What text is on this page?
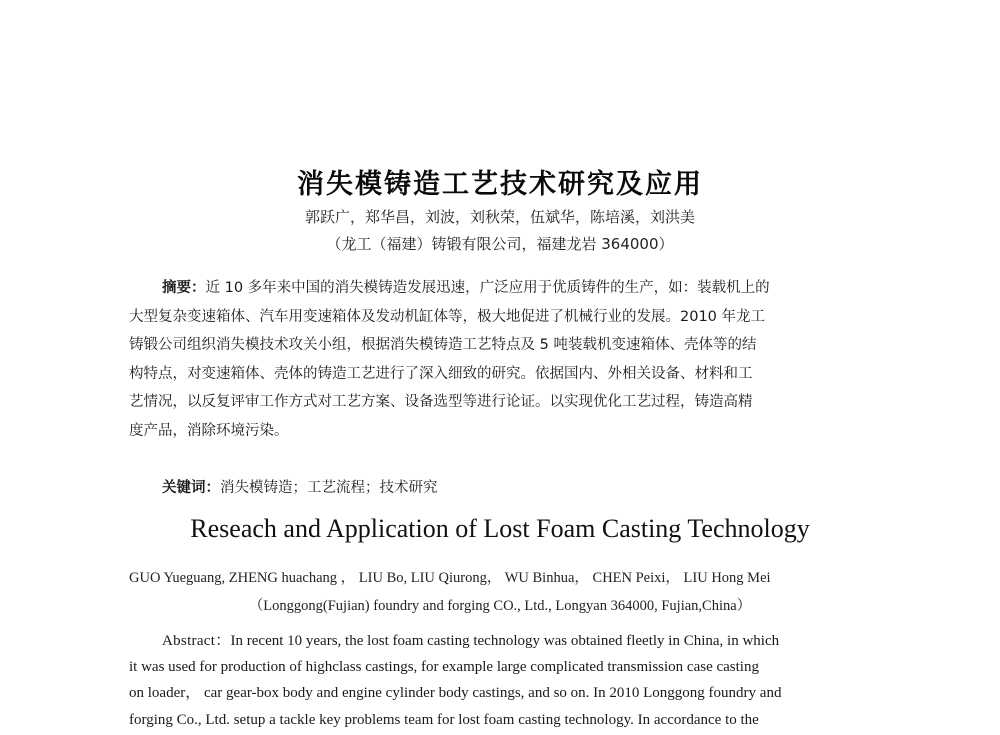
消失模铸造工艺技术研究及应用
郭跃广，郑华昌，刘波，刘秋荣，伍斌华，陈培溪，刘洪美
（龙工（福建）铸锻有限公司，福建龙岩 364000）
摘要：近 10 多年来中国的消失模铸造发展迅速，广泛应用于优质铸件的生产，如：装载机上的
大型复杂变速箱体、汽车用变速箱体及发动机缸体等，极大地促进了机械行业的发展。2010 年龙工
铸锻公司组织消失模技术攻关小组，根据消失模铸造工艺特点及 5 吨装载机变速箱体、壳体等的结
构特点，对变速箱体、壳体的铸造工艺进行了深入细致的研究。依据国内、外相关设备、材料和工
艺情况，以反复评审工作方式对工艺方案、设备选型等进行论证。以实现优化工艺过程，铸造高精
度产品，消除环境污染。
关键词：消失模铸造；工艺流程；技术研究
Reseach and Application of Lost Foam Casting Technology
GUO Yueguang, ZHENG huachang ， LIU Bo, LIU Qiurong， WU Binhua， CHEN Peixi， LIU Hong Mei
（Longgong(Fujian) foundry and forging CO., Ltd., Longyan 364000, Fujian,China）
Abstract：In recent 10 years, the lost foam casting technology was obtained fleetly in China, in which
it was used for production of highclass castings, for example large complicated transmission case casting
on loader， car gear-box body and engine cylinder body castings, and so on. In 2010 Longgong foundry and
forging Co., Ltd. setup a tackle key problems team for lost foam casting technology. In accordance to the
